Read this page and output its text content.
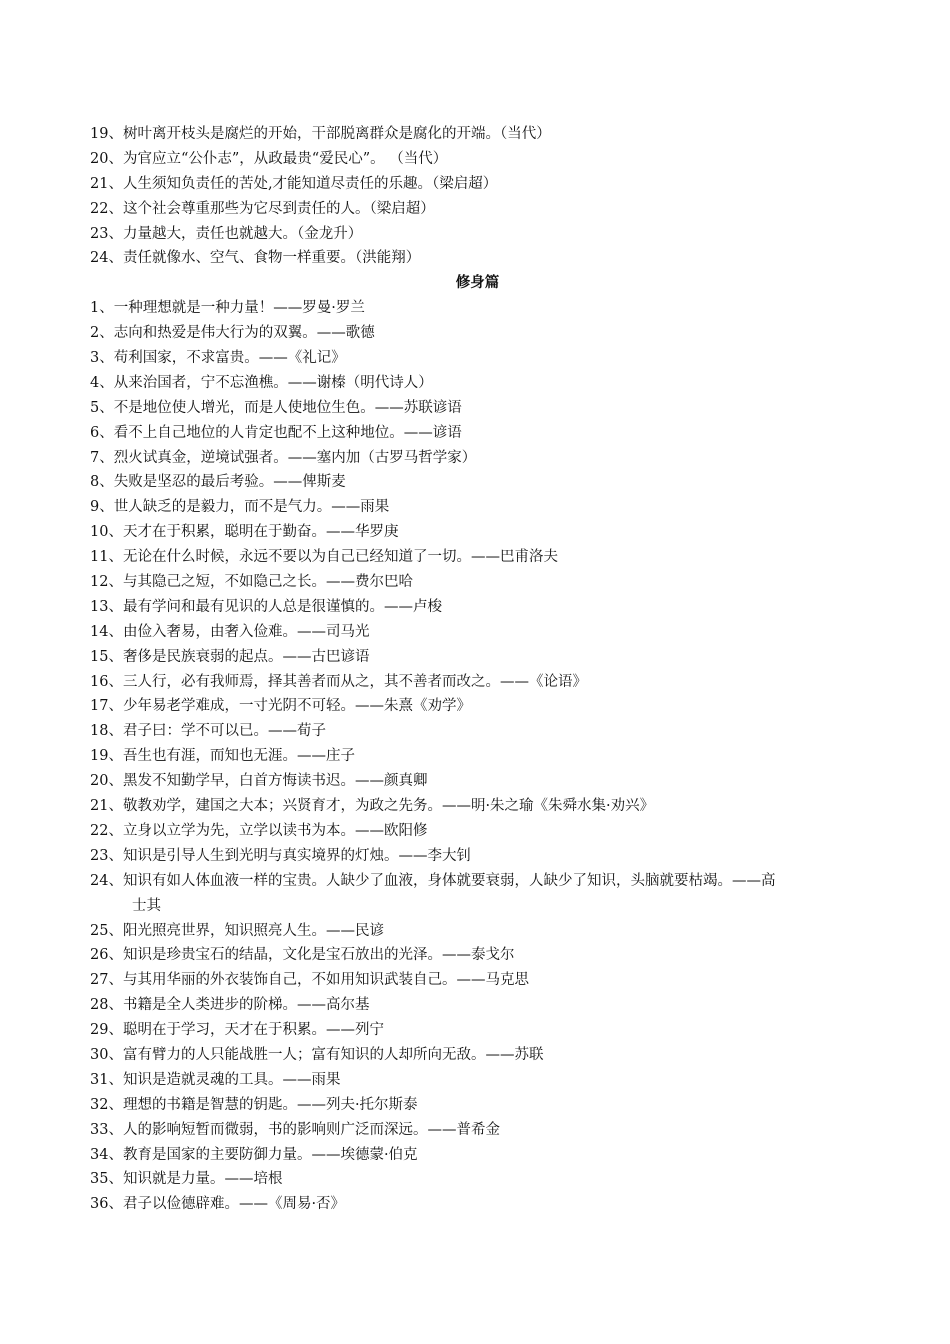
19、树叶离开枝头是腐烂的开始，干部脱离群众是腐化的开端。（当代）
20、为官应立“公仆志”，从政最贵“爱民心”。 （当代）
21、人生须知负责任的苦处,才能知道尽责任的乐趣。（梁启超）
22、这个社会尊重那些为它尽到责任的人。（梁启超）
23、力量越大，责任也就越大。（金龙升）
24、责任就像水、空气、食物一样重要。（洪能翔）
修身篇
1、一种理想就是一种力量！——罗曼·罗兰
2、志向和热爱是伟大行为的双翼。——歌德
3、苟利国家，不求富贵。——《礼记》
4、从来治国者，宁不忘渔樵。——谢榛（明代诗人）
5、不是地位使人增光，而是人使地位生色。——苏联谚语
6、看不上自己地位的人肯定也配不上这种地位。——谚语
7、烈火试真金，逆境试强者。——塞内加（古罗马哲学家）
8、失败是坚忍的最后考验。——俾斯麦
9、世人缺乏的是毅力，而不是气力。——雨果
10、天才在于积累，聪明在于勤奋。——华罗庚
11、无论在什么时候，永远不要以为自己已经知道了一切。——巴甫洛夫
12、与其隐己之短，不如隐己之长。——费尔巴哈
13、最有学问和最有见识的人总是很谨慎的。——卢梭
14、由俭入奢易，由奢入俭难。——司马光
15、奢侈是民族衰弱的起点。——古巴谚语
16、三人行，必有我师焉，择其善者而从之，其不善者而改之。——《论语》
17、少年易老学难成，一寸光阴不可轻。——朱熹《劝学》
18、君子曰：学不可以已。——荀子
19、吾生也有涯，而知也无涯。——庄子
20、黑发不知勤学早，白首方悔读书迟。——颜真卿
21、敬教劝学，建国之大本；兴贤育才，为政之先务。——明·朱之瑜《朱舜水集·劝兴》
22、立身以立学为先，立学以读书为本。——欧阳修
23、知识是引导人生到光明与真实境界的灯烛。——李大钊
24、知识有如人体血液一样的宝贵。人缺少了血液，身体就要衰弱，人缺少了知识，头脑就要枯竭。——高
士其
25、阳光照亮世界，知识照亮人生。——民谚
26、知识是珍贵宝石的结晶，文化是宝石放出的光泽。——泰戈尔
27、与其用华丽的外衣装饰自己，不如用知识武装自己。——马克思
28、书籍是全人类进步的阶梯。——高尔基
29、聪明在于学习，天才在于积累。——列宁
30、富有臂力的人只能战胜一人；富有知识的人却所向无敌。——苏联
31、知识是造就灵魂的工具。——雨果
32、理想的书籍是智慧的钥匙。——列夫·托尔斯泰
33、人的影响短暂而微弱，书的影响则广泛而深远。——普希金
34、教育是国家的主要防御力量。——埃德蒙·伯克
35、知识就是力量。——培根
36、君子以俭德辟难。——《周易·否》
